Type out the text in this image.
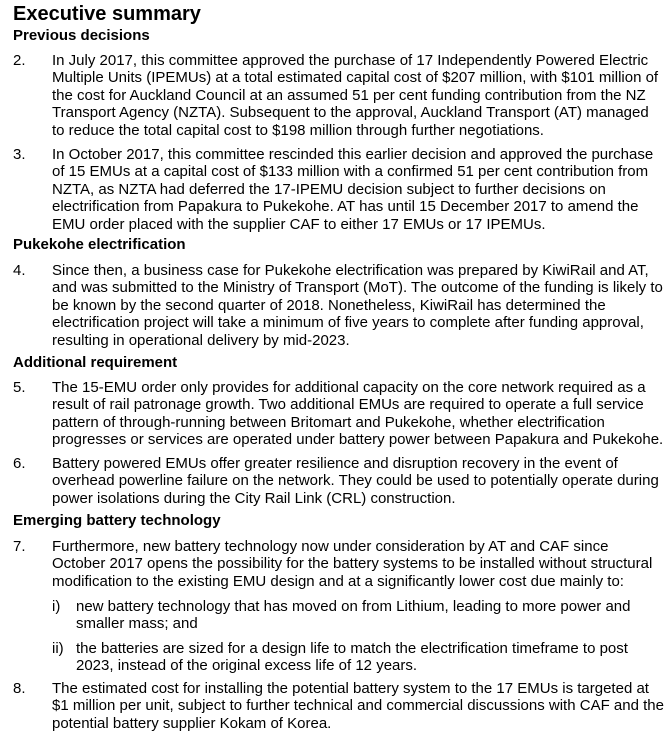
Executive summary
Previous decisions
2. In July 2017, this committee approved the purchase of 17 Independently Powered Electric
Multiple Units (IPEMUs) at a total estimated capital cost of $207 million, with $101 million of
the cost for Auckland Council at an assumed 51 per cent funding contribution from the NZ
Transport Agency (NZTA). Subsequent to the approval, Auckland Transport (AT) managed
to reduce the total capital cost to $198 million through further negotiations.
3. In October 2017, this committee rescinded this earlier decision and approved the purchase
of 15 EMUs at a capital cost of $133 million with a confirmed 51 per cent contribution from
NZTA, as NZTA had deferred the 17-IPEMU decision subject to further decisions on
electrification from Papakura to Pukekohe. AT has until 15 December 2017 to amend the
EMU order placed with the supplier CAF to either 17 EMUs or 17 IPEMUs.
Pukekohe electrification
4. Since then, a business case for Pukekohe electrification was prepared by KiwiRail and AT,
and was submitted to the Ministry of Transport (MoT). The outcome of the funding is likely to
be known by the second quarter of 2018. Nonetheless, KiwiRail has determined the
electrification project will take a minimum of five years to complete after funding approval,
resulting in operational delivery by mid-2023.
Additional requirement
5. The 15-EMU order only provides for additional capacity on the core network required as a
result of rail patronage growth. Two additional EMUs are required to operate a full service
pattern of through-running between Britomart and Pukekohe, whether electrification
progresses or services are operated under battery power between Papakura and Pukekohe.
6. Battery powered EMUs offer greater resilience and disruption recovery in the event of
overhead powerline failure on the network. They could be used to potentially operate during
power isolations during the City Rail Link (CRL) construction.
Emerging battery technology
7. Furthermore, new battery technology now under consideration by AT and CAF since
October 2017 opens the possibility for the battery systems to be installed without structural
modification to the existing EMU design and at a significantly lower cost due mainly to:
i) new battery technology that has moved on from Lithium, leading to more power and
smaller mass; and
ii) the batteries are sized for a design life to match the electrification timeframe to post
2023, instead of the original excess life of 12 years.
8. The estimated cost for installing the potential battery system to the 17 EMUs is targeted at
$1 million per unit, subject to further technical and commercial discussions with CAF and the
potential battery supplier Kokam of Korea.
